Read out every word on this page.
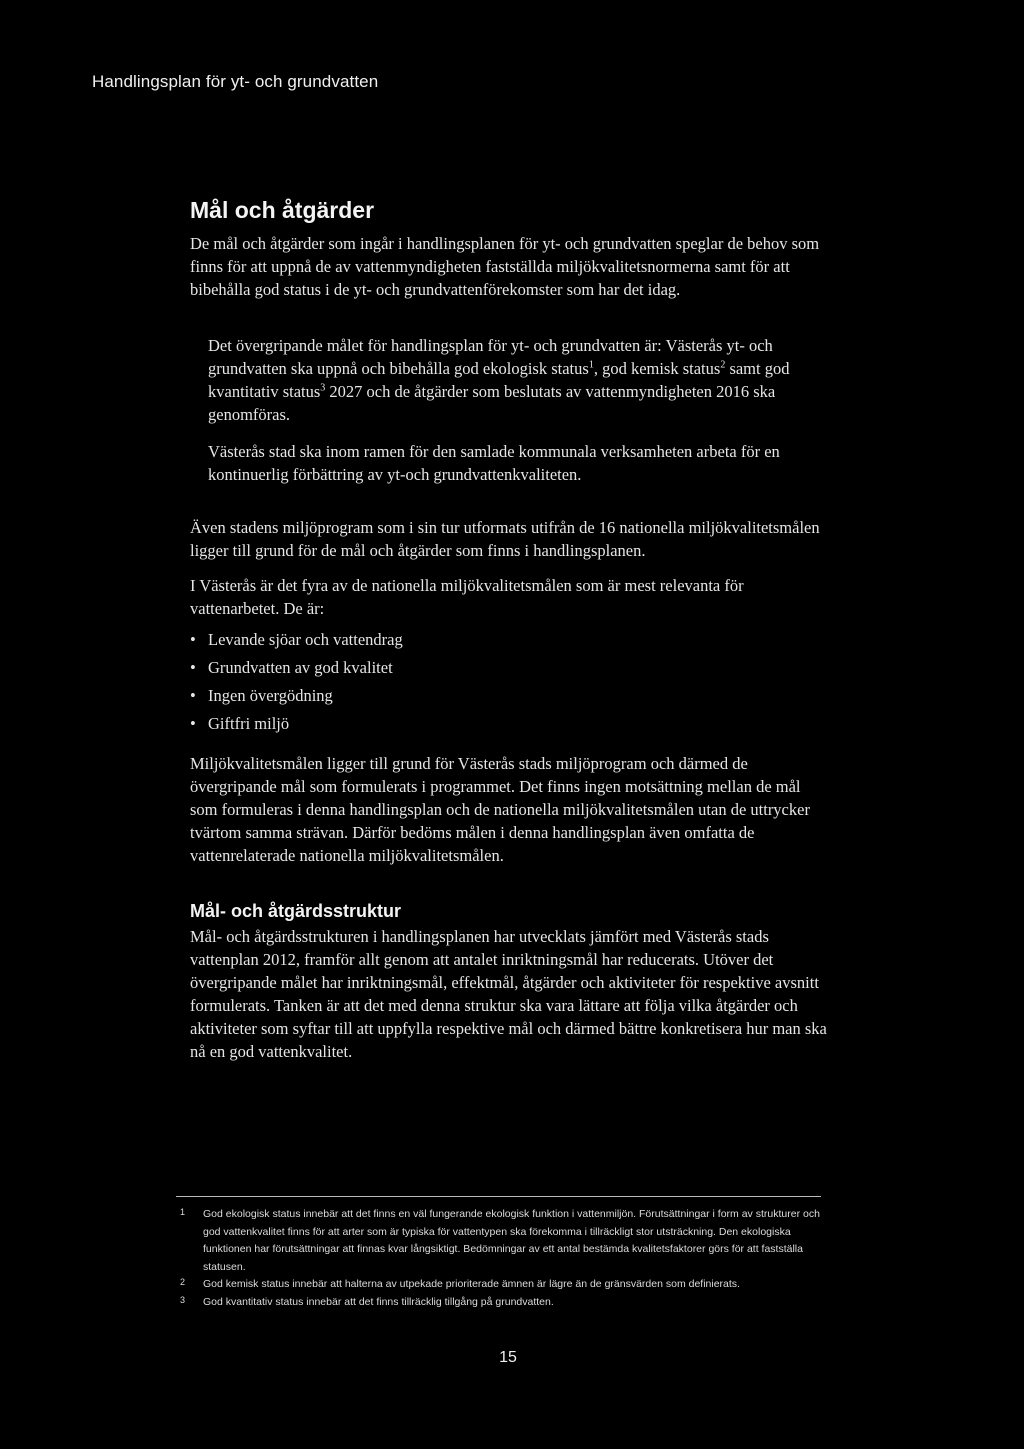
Handlingsplan för yt- och grundvatten
Mål och åtgärder

De mål och åtgärder som ingår i handlingsplanen för yt- och grundvatten speglar de behov som finns för att uppnå de av vattenmyndigheten fastställda miljökvalitetsnormerna samt för att bibehålla god status i de yt- och grundvattenförekomster som har det idag.

Det övergripande målet för handlingsplan för yt- och grundvatten är: Västerås yt- och grundvatten ska uppnå och bibehålla god ekologisk status$^1$, god kemisk status$^2$ samt god kvantitativ status$^3$ 2027 och de åtgärder som beslutats av vattenmyndigheten 2016 ska genomföras.

Västerås stad ska inom ramen för den samlade kommunala verksamheten arbeta för en kontinuerlig förbättring av yt-och grundvattenkvaliteten.

Även stadens miljöprogram som i sin tur utformats utifrån de 16 nationella miljökvalitetsmålen ligger till grund för de mål och åtgärder som finns i handlingsplanen.

I Västerås är det fyra av de nationella miljökvalitetsmålen som är mest relevanta för vattenarbetet. De är:

• Levande sjöar och vattendrag
• Grundvatten av god kvalitet
• Ingen övergödning
• Giftfri miljö

Miljökvalitetsmålen ligger till grund för Västerås stads miljöprogram och därmed de övergripande mål som formulerats i programmet. Det finns ingen motsättning mellan de mål som formuleras i denna handlingsplan och de nationella miljökvalitetsmålen utan de uttrycker tvärtom samma strävan. Därför bedöms målen i denna handlingsplan även omfatta de vattenrelaterade nationella miljökvalitetsmålen.

Mål- och åtgärdsstruktur

Mål- och åtgärdsstrukturen i handlingsplanen har utvecklats jämfört med Västerås stads vattenplan 2012, framför allt genom att antalet inriktningsmål har reducerats. Utöver det övergripande målet har inriktningsmål, effektmål, åtgärder och aktiviteter för respektive avsnitt formulerats. Tanken är att det med denna struktur ska vara lättare att följa vilka åtgärder och aktiviteter som syftar till att uppfylla respektive mål och därmed bättre konkretisera hur man ska nå en god vattenkvalitet.

1 God ekologisk status innebär att det finns en väl fungerande ekologisk funktion i vattenmiljön. Förutsättningar i form av strukturer och god vattenkvalitet finns för att arter som är typiska för vattentypen ska förekomma i tillräckligt stor utsträckning. Den ekologiska funktionen har förutsättningar att finnas kvar långsiktigt. Bedömningar av ett antal bestämda kvalitetsfaktorer görs för att fastställa statusen.
2 God kemisk status innebär att halterna av utpekade prioriterade ämnen är lägre än de gränsvärden som definierats.
3 God kvantitativ status innebär att det finns tillräcklig tillgång på grundvatten.
15
